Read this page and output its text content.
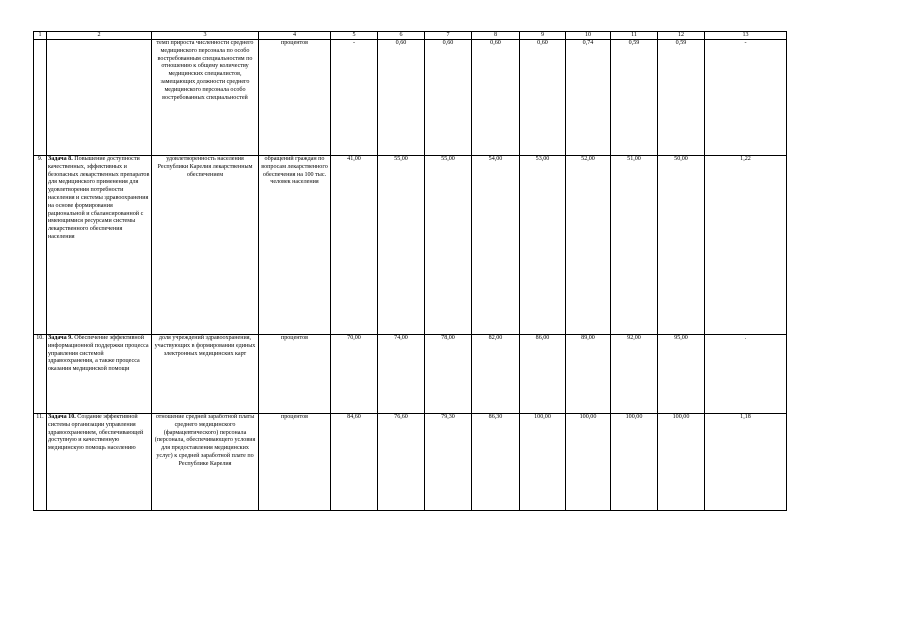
1	2	3	4	5	6	7	8	9	10	11	12	13
		темп прироста численности среднего медицинского персонала по особо востребованным специальностям по отношению к общему количеству медицинских специалистов, замещающих должности среднего медицинского персонала особо востребованных специальностей	процентов	-	0,60	0,60	0,60	0,60	0,74	0,59	0,59	-
9.	Задача 8. Повышение доступности качественных, эффективных и безопасных лекарственных препаратов для медицинского применения для удовлетворения потребности населения и системы здравоохранения на основе формирования рациональной и сбалансированной с имеющимися ресурсами системы лекарственного обеспечения населения	удовлетворенность населения Республики Карелия лекарственным обеспечением	обращений граждан по вопросам лекарственного обеспечения на 100 тыс. человек населения	41,00	55,00	55,00	54,00	53,00	52,00	51,00	50,00	1,22
10.	Задача 9. Обеспечение эффективной информационной поддержки процесса управления системой здравоохранения, а также процесса оказания медицинской помощи	доля учреждений здравоохранения, участвующих в формировании единых электронных медицинских карт	процентов	70,00	74,00	78,00	82,00	86,00	89,00	92,00	95,00	.
11.	Задача 10. Создание эффективной системы организации управления здравоохранением, обеспечивающей доступную и качественную медицинскую помощь населению	отношение средней заработной платы среднего медицинского (фармацевтического) персонала (персонала, обеспечивающего условия для предоставления медицинских услуг) к средней заработной плате по Республике Карелия	процентов	84,60	76,60	79,30	86,30	100,00	100,00	100,00	100,00	1,18
